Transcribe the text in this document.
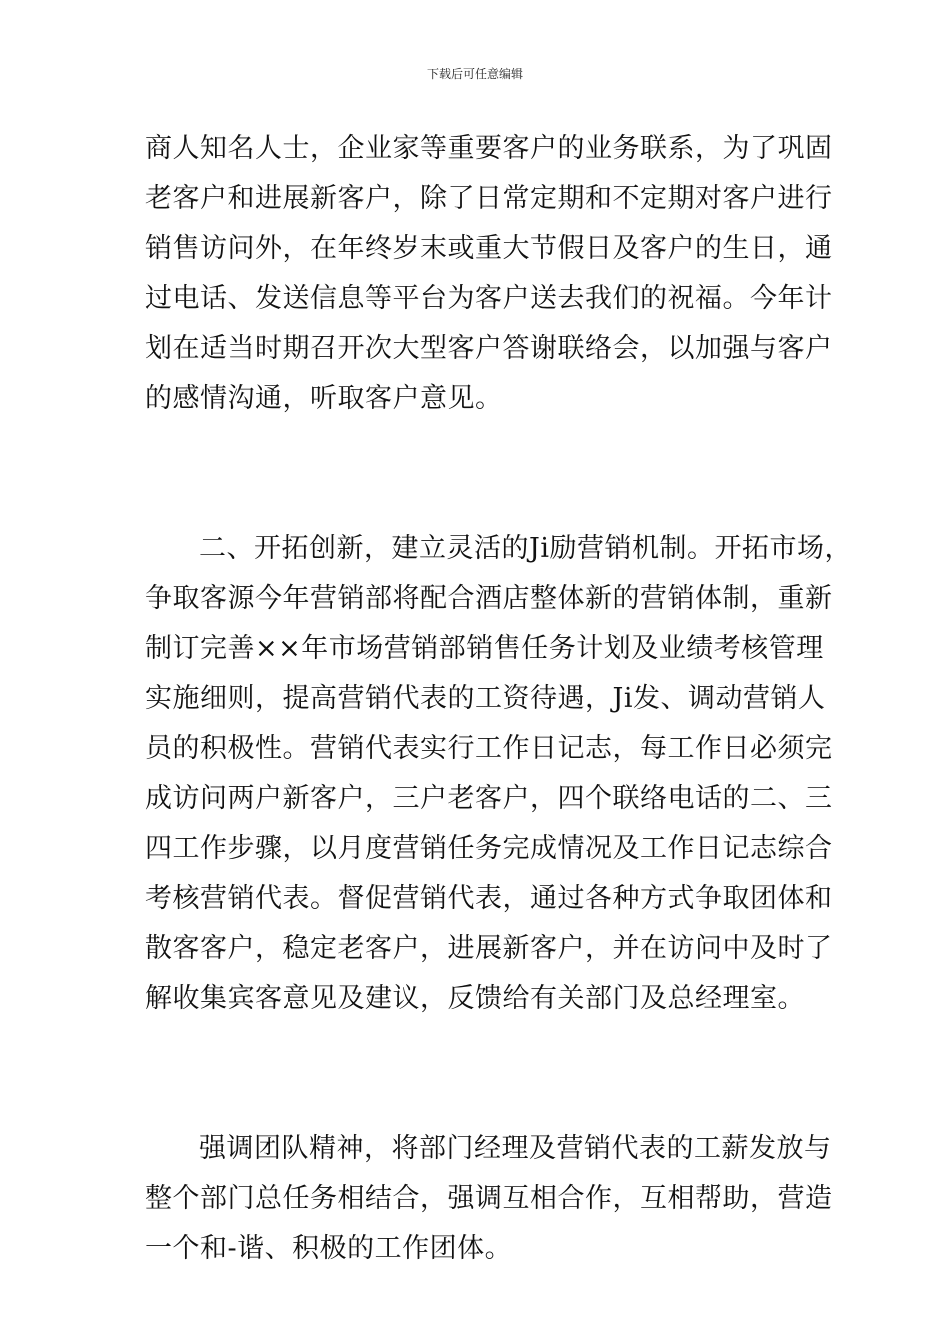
下载后可任意编辑
商人知名人士，企业家等重要客户的业务联系，为了巩固
老客户和进展新客户，除了日常定期和不定期对客户进行
销售访问外，在年终岁末或重大节假日及客户的生日，通
过电话、发送信息等平台为客户送去我们的祝福。今年计
划在适当时期召开次大型客户答谢联络会，以加强与客户
的感情沟通，听取客户意见。
二、开拓创新，建立灵活的Ji励营销机制。开拓市场，
争取客源今年营销部将配合酒店整体新的营销体制，重新
制订完善××年市场营销部销售任务计划及业绩考核管理
实施细则，提高营销代表的工资待遇，Ji发、调动营销人
员的积极性。营销代表实行工作日记志，每工作日必须完
成访问两户新客户，三户老客户，四个联络电话的二、三
四工作步骤，以月度营销任务完成情况及工作日记志综合
考核营销代表。督促营销代表，通过各种方式争取团体和
散客客户，稳定老客户，进展新客户，并在访问中及时了
解收集宾客意见及建议，反馈给有关部门及总经理室。
强调团队精神，将部门经理及营销代表的工薪发放与
整个部门总任务相结合，强调互相合作，互相帮助，营造
一个和-谐、积极的工作团体。
